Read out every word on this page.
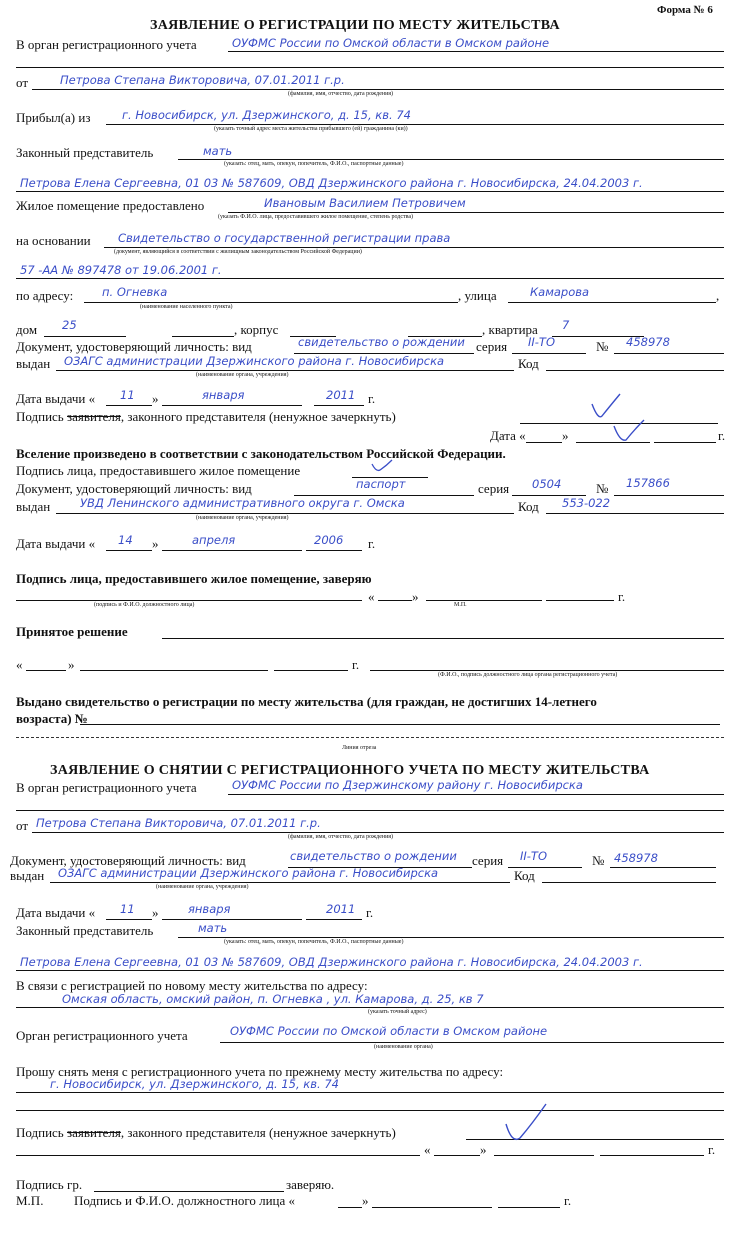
Форма № 6
ЗАЯВЛЕНИЕ О РЕГИСТРАЦИИ ПО МЕСТУ ЖИТЕЛЬСТВА
В орган регистрационного учета	ОУФМС России по Омской области в Омском районе
от	Петрова Степана Викторовича, 07.01.2011 г.р.
(фамилия, имя, отчество, дата рождения)
Прибыл(а) из	г. Новосибирск, ул. Дзержинского, д. 15, кв. 74
(указать точный адрес места жительства прибывшего (ей) гражданина (ки))
Законный представитель	мать
(указать: отец, мать, опекун, попечитель, Ф.И.О., паспортные данные)
Петрова Елена Сергеевна, 01 03 № 587609, ОВД Дзержинского района г. Новосибирска, 24.04.2003 г.
Жилое помещение предоставлено	Ивановым Василием Петровичем
(указать Ф.И.О. лица, предоставившего жилое помещение, степень родства)
на основании Свидетельство о государственной регистрации права
(документ, являющийся в соответствии с жилищным законодательством Российской Федерации)
57 -АА № 897478 от 19.06.2001 г.
по адресу:	п. Огневка	, улица	Камарова	,
(наименование населенного пункта)
дом 25	, корпус	, квартира 7
Документ, удостоверяющий личность: вид	свидетельство о рождении серия II-ТО	№ 458978
выдан ОЗАГС администрации Дзержинского района г. Новосибирска	Код
(наименование органа, учреждения)
Дата выдачи « 11 »	января	2011 г.
Подпись заявителя, законного представителя (ненужное зачеркнуть)
Дата «	»	г.
Вселение произведено в соответствии с законодательством Российской Федерации.
Подпись лица, предоставившего жилое помещение
Документ, удостоверяющий личность: вид	паспорт	серия 0504	№ 157866
выдан	УВД Ленинского административного округа г. Омска	Код 553-022
(наименование органа, учреждения)
Дата выдачи « 14 »	апреля	2006 г.
Подпись лица, предоставившего жилое помещение, заверяю
(подпись и Ф.И.О. должностного лица)
«	»
М.П.
г.
Принятое решение
«	»	г.
(Ф.И.О., подпись должностного лица органа регистрационного учета)
Выдано свидетельство о регистрации по месту жительства (для граждан, не достигших 14-летнего
возраста) №
Линия отреза
ЗАЯВЛЕНИЕ О СНЯТИИ С РЕГИСТРАЦИОННОГО УЧЕТА ПО МЕСТУ ЖИТЕЛЬСТВА
В орган регистрационного учета	ОУФМС России по Дзержинскому району г. Новосибирска
от Петрова Степана Викторовича, 07.01.2011 г.р.
(фамилия, имя, отчество, дата рождения)
Документ, удостоверяющий личность: вид	свидетельство о рождении серия II-ТО	№ 458978
выдан ОЗАГС администрации Дзержинского района г. Новосибирска	Код
(наименование органа, учреждения)
Дата выдачи « 11 »	января	2011 г.
Законный представитель	мать
(указать: отец, мать, опекун, попечитель, Ф.И.О., паспортные данные)
Петрова Елена Сергеевна, 01 03 № 587609, ОВД Дзержинского района г. Новосибирска, 24.04.2003 г.
В связи с регистрацией по новому месту жительства по адресу:
Омская область, омский район, п. Огневка , ул. Камарова, д. 25, кв 7
(указать точный адрес)
Орган регистрационного учета	ОУФМС России по Омской области в Омском районе
(наименование органа)
Прошу снять меня с регистрационного учета по прежнему месту жительства по адресу:
г. Новосибирск, ул. Дзержинского, д. 15, кв. 74
Подпись заявителя, законного представителя (ненужное зачеркнуть)
«	»	г.
Подпись гр.	заверяю.
М.П. Подпись и Ф.И.О. должностного лица «	»	г.
